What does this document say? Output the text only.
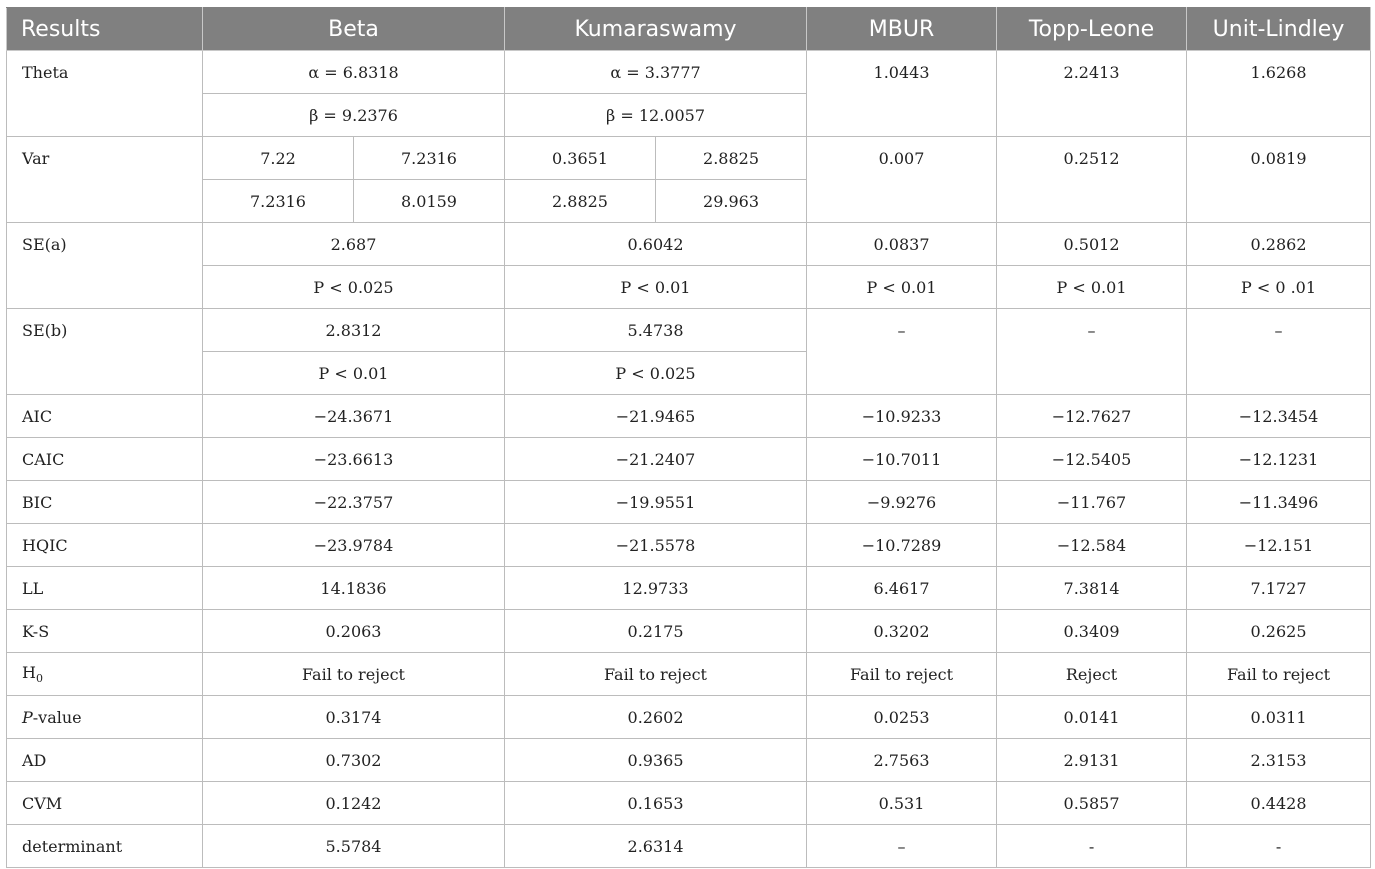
Results	Beta		Kumaraswamy		MBUR	Topp-Leone	Unit-Lindley
Theta	α = 6.8318		α = 3.3777		1.0443	2.2413	1.6268
	β = 9.2376		β = 12.0057				
Var	7.22	7.2316	0.3651	2.8825	0.007	0.2512	0.0819
	7.2316	8.0159	2.8825	29.963			
SE(a)	2.687		0.6042		0.0837	0.5012	0.2862
	P < 0.025		P < 0.01		P < 0.01	P < 0.01	P < 0 .01
SE(b)	2.8312		5.4738		–	–	–
	P < 0.01		P < 0.025				
AIC	−24.3671		−21.9465		−10.9233	−12.7627	−12.3454
CAIC	−23.6613		−21.2407		−10.7011	−12.5405	−12.1231
BIC	−22.3757		−19.9551		−9.9276	−11.767	−11.3496
HQIC	−23.9784		−21.5578		−10.7289	−12.584	−12.151
LL	14.1836		12.9733		6.4617	7.3814	7.1727
K-S	0.2063		0.2175		0.3202	0.3409	0.2625
$H_0$	Fail to reject		Fail to reject		Fail to reject	Reject	Fail to reject
P-value	0.3174		0.2602		0.0253	0.0141	0.0311
AD	0.7302		0.9365		2.7563	2.9131	2.3153
CVM	0.1242		0.1653		0.531	0.5857	0.4428
determinant	5.5784		2.6314		–	-	-
